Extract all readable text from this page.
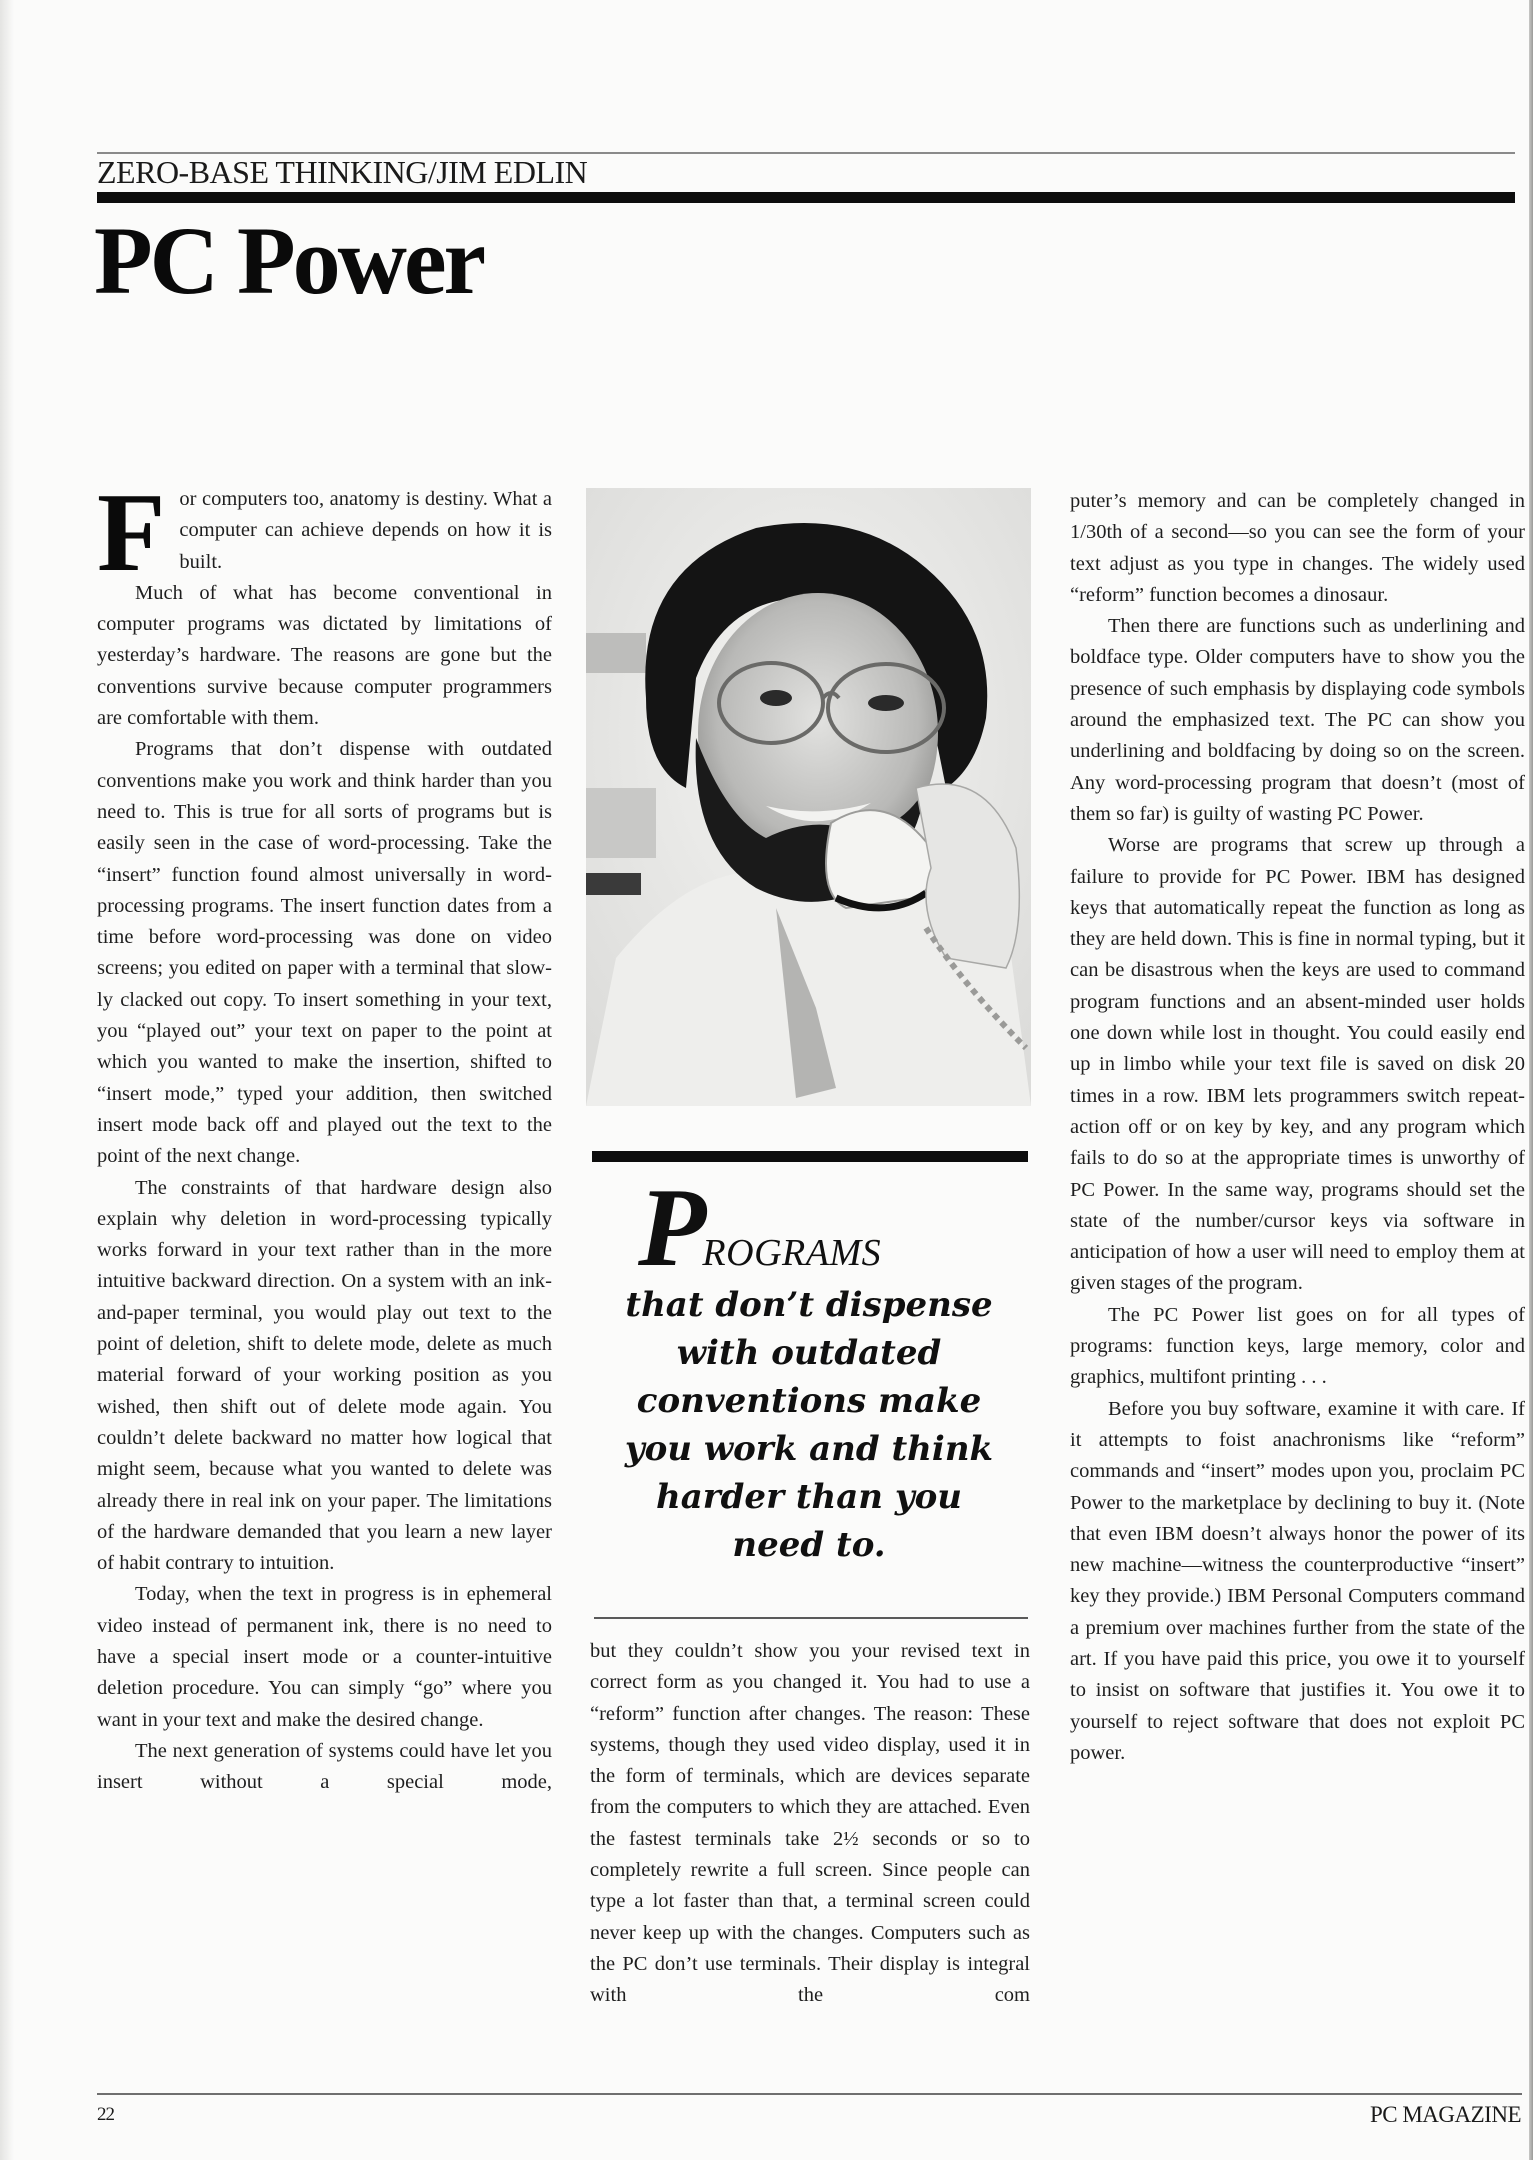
ZERO-BASE THINKING/JIM EDLIN
PC Power

For computers too, anatomy is destiny. What a computer can achieve depends on how it is built.

Much of what has become conventional in computer programs was dictated by limitations of yesterday’s hardware. The reasons are gone but the conventions survive because computer programmers are comfortable with them.

Programs that don’t dispense with outdated conventions make you work and think harder than you need to. This is true for all sorts of programs but is easily seen in the case of word-processing. Take the “insert” function found almost universally in word-processing programs. The insert function dates from a time before word-processing was done on video screens; you edited on paper with a terminal that slowly clacked out copy. To insert something in your text, you “played out” your text on paper to the point at which you wanted to make the insertion, shifted to “insert mode,” typed your addition, then switched insert mode back off and played out the text to the point of the next change.

The constraints of that hardware design also explain why deletion in word-processing typically works forward in your text rather than in the more intuitive backward direction. On a system with an ink-and-paper terminal, you would play out text to the point of deletion, shift to delete mode, delete as much material forward of your working position as you wished, then shift out of delete mode again. You couldn’t delete backward no matter how logical that might seem, because what you wanted to delete was already there in real ink on your paper. The limitations of the hardware demanded that you learn a new layer of habit contrary to intuition.

Today, when the text in progress is in ephemeral video instead of permanent ink, there is no need to have a special insert mode or a counter-intuitive deletion procedure. You can simply “go” where you want in your text and make the desired change.

The next generation of systems could have let you insert without a special mode,

PROGRAMS
that don’t dispense
with outdated
conventions make
you work and think
harder than you
need to.

but they couldn’t show you your revised text in correct form as you changed it. You had to use a “reform” function after changes. The reason: These systems, though they used video display, used it in the form of terminals, which are devices separate from the computers to which they are attached. Even the fastest terminals take 2½ seconds or so to completely rewrite a full screen. Since people can type a lot faster than that, a terminal screen could never keep up with the changes. Computers such as the PC don’t use terminals. Their display is integral with the com

puter’s memory and can be completely changed in 1/30th of a second—so you can see the form of your text adjust as you type in changes. The widely used “reform” function becomes a dinosaur.

Then there are functions such as underlining and boldface type. Older computers have to show you the presence of such emphasis by displaying code symbols around the emphasized text. The PC can show you underlining and boldfacing by doing so on the screen. Any word-processing program that doesn’t (most of them so far) is guilty of wasting PC Power.

Worse are programs that screw up through a failure to provide for PC Power. IBM has designed keys that automatically repeat the function as long as they are held down. This is fine in normal typing, but it can be disastrous when the keys are used to command program functions and an absent-minded user holds one down while lost in thought. You could easily end up in limbo while your text file is saved on disk 20 times in a row. IBM lets programmers switch repeat-action off or on key by key, and any program which fails to do so at the appropriate times is unworthy of PC Power. In the same way, programs should set the state of the number/cursor keys via software in anticipation of how a user will need to employ them at given stages of the program.

The PC Power list goes on for all types of programs: function keys, large memory, color and graphics, multifont printing . . .

Before you buy software, examine it with care. If it attempts to foist anachronisms like “reform” commands and “insert” modes upon you, proclaim PC Power to the marketplace by declining to buy it. (Note that even IBM doesn’t always honor the power of its new machine—witness the counterproductive “insert” key they provide.) IBM Personal Computers command a premium over machines further from the state of the art. If you have paid this price, you owe it to yourself to insist on software that justifies it. You owe it to yourself to reject software that does not exploit PC power.

22	PC MAGAZINE
